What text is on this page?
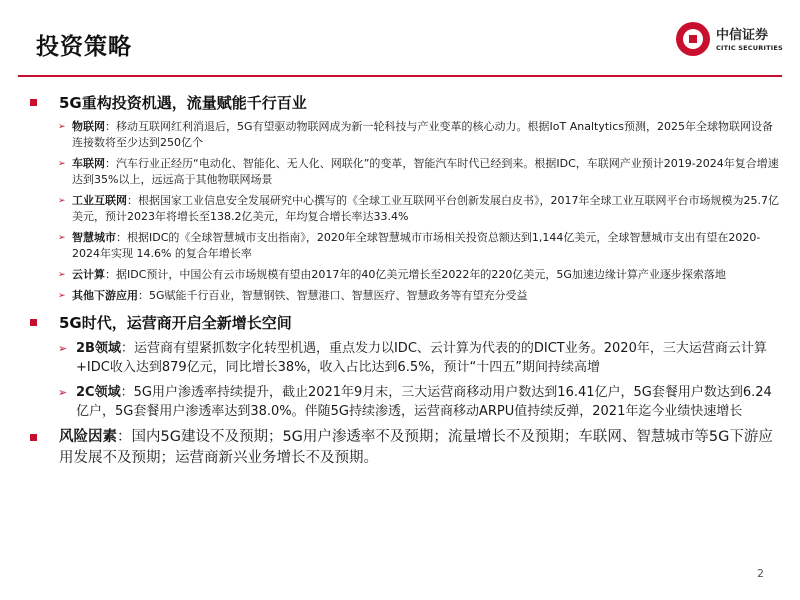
投资策略	中信证券
CITIC SECURITIES
5G重构投资机遇，流量赋能千行百业
➢ 物联网：移动互联网红利消退后，5G有望驱动物联网成为新一轮科技与产业变革的核心动力。根据IoT Analtytics预测，2025年全球物联网设备连接数将至少达到250亿个
➢ 车联网：汽车行业正经历“电动化、智能化、无人化、网联化”的变革，智能汽车时代已经到来。根据IDC，车联网产业预计2019-2024年复合增速达到35%以上，远远高于其他物联网场景
➢ 工业互联网：根据国家工业信息安全发展研究中心撰写的《全球工业互联网平台创新发展白皮书》，2017年全球工业互联网平台市场规模为25.7亿美元，预计2023年将增长至138.2亿美元，年均复合增长率达33.4%
➢ 智慧城市：根据IDC的《全球智慧城市支出指南》，2020年全球智慧城市市场相关投资总额达到1,144亿美元，全球智慧城市支出有望在2020-2024年实现 14.6% 的复合年增长率
➢ 云计算：据IDC预计，中国公有云市场规模有望由2017年的40亿美元增长至2022年的220亿美元，5G加速边缘计算产业逐步探索落地
➢ 其他下游应用：5G赋能千行百业，智慧钢铁、智慧港口、智慧医疗、智慧政务等有望充分受益
5G时代，运营商开启全新增长空间
➢ 2B领域：运营商有望紧抓数字化转型机遇，重点发力以IDC、云计算为代表的的DICT业务。2020年，三大运营商云计算+IDC收入达到879亿元，同比增长38%，收入占比达到6.5%，预计“十四五”期间持续高增
➢ 2C领域：5G用户渗透率持续提升，截止2021年9月末，三大运营商移动用户数达到16.41亿户，5G套餐用户数达到6.24亿户，5G套餐用户渗透率达到38.0%。伴随5G持续渗透，运营商移动ARPU值持续反弹，2021年迄今业绩快速增长
风险因素：国内5G建设不及预期；5G用户渗透率不及预期；流量增长不及预期；车联网、智慧城市等5G下游应用发展不及预期；运营商新兴业务增长不及预期。
2
